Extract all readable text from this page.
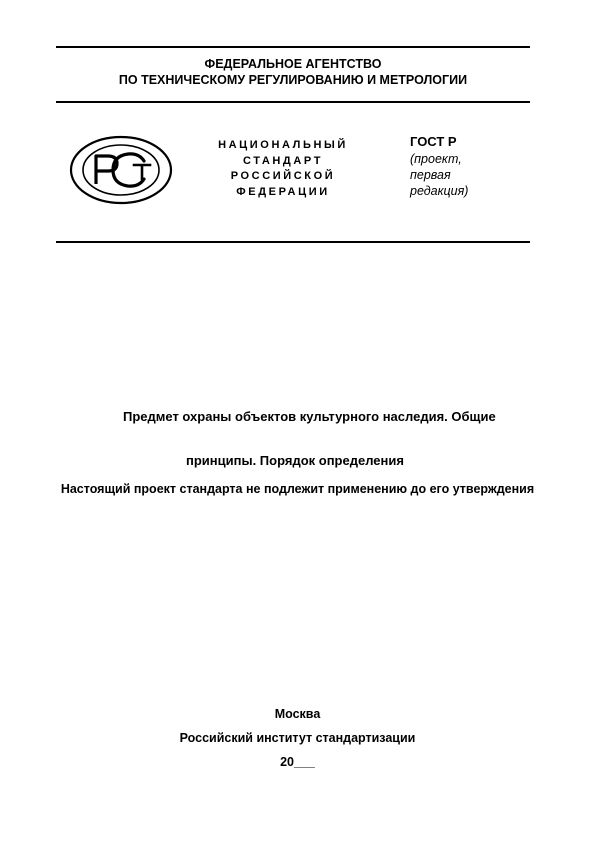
ФЕДЕРАЛЬНОЕ АГЕНТСТВО
ПО ТЕХНИЧЕСКОМУ РЕГУЛИРОВАНИЮ И МЕТРОЛОГИИ
НАЦИОНАЛЬНЫЙ
СТАНДАРТ
РОССИЙСКОЙ
ФЕДЕРАЦИИ
ГОСТ Р
(проект,
первая
редакция)

Предмет охраны объектов культурного наследия. Общие

принципы. Порядок определения

Настоящий проект стандарта не подлежит применению до его утверждения
Москва
Российский институт стандартизации
20___
